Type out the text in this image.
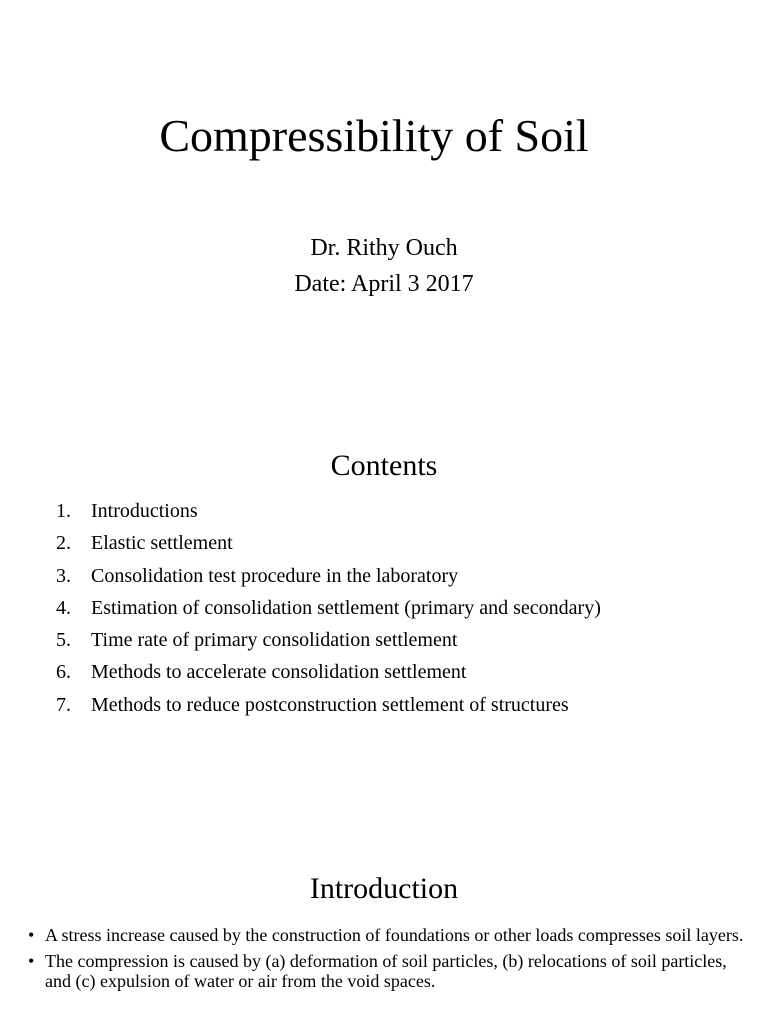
Compressibility of Soil
Dr. Rithy Ouch
Date: April 3 2017
Contents
1.	Introductions
2.	Elastic settlement
3.	Consolidation test procedure in the laboratory
4.	Estimation of consolidation settlement (primary and secondary)
5.	Time rate of primary consolidation settlement
6.	Methods to accelerate consolidation settlement
7.	Methods to reduce postconstruction settlement of structures
Introduction
• A stress increase caused by the construction of foundations or other loads compresses soil layers.
• The compression is caused by (a) deformation of soil particles, (b) relocations of soil particles, and (c) expulsion of water or air from the void spaces.
